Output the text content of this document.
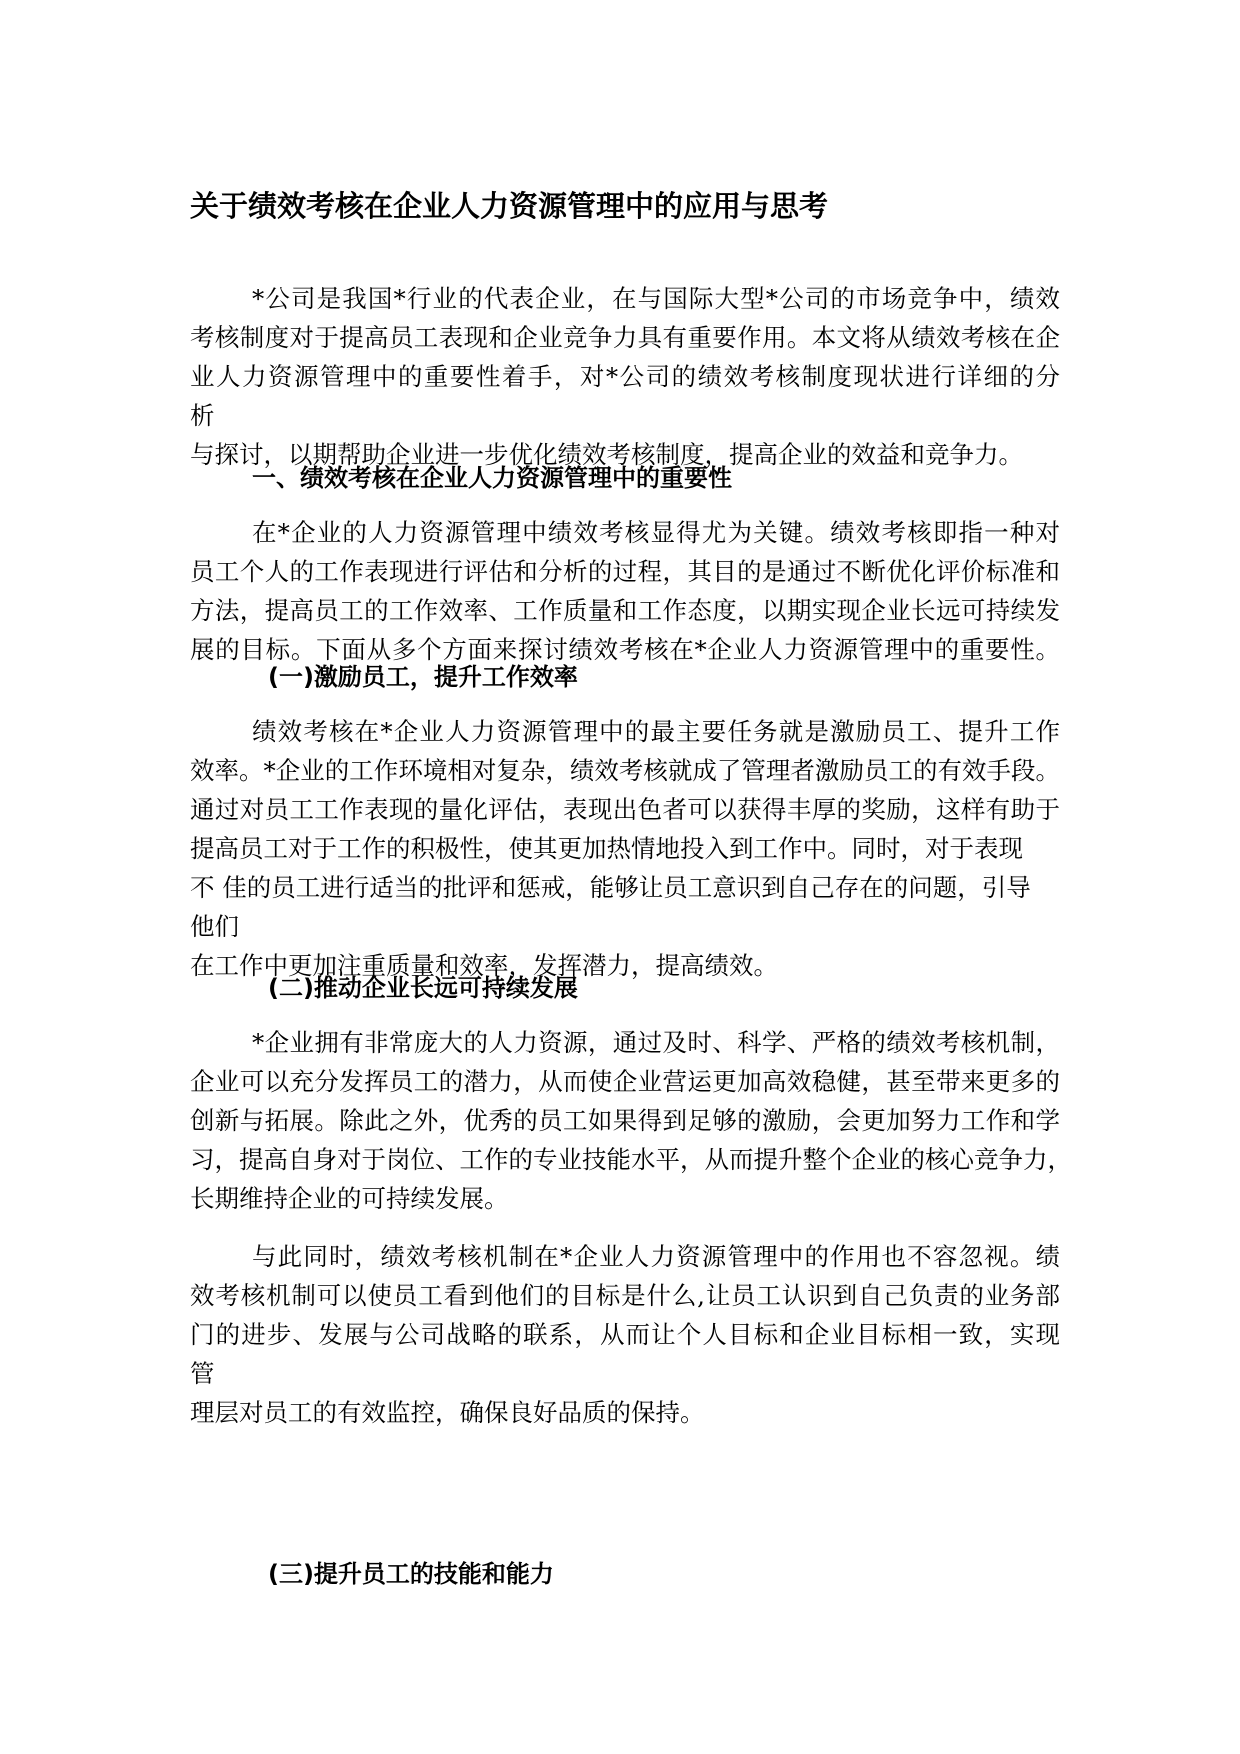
关于绩效考核在企业人力资源管理中的应用与思考
*公司是我国*行业的代表企业，在与国际大型*公司的市场竞争中，绩效
考核制度对于提高员工表现和企业竞争力具有重要作用。本文将从绩效考核在企
业人力资源管理中的重要性着手，对*公司的绩效考核制度现状进行详细的分
析
与探讨，以期帮助企业进一步优化绩效考核制度，提高企业的效益和竞争力。
一、绩效考核在企业人力资源管理中的重要性
在*企业的人力资源管理中绩效考核显得尤为关键。绩效考核即指一种对
员工个人的工作表现进行评估和分析的过程，其目的是通过不断优化评价标准和
方法，提高员工的工作效率、工作质量和工作态度，以期实现企业长远可持续发
展的目标。下面从多个方面来探讨绩效考核在*企业人力资源管理中的重要性。
(一)激励员工，提升工作效率
绩效考核在*企业人力资源管理中的最主要任务就是激励员工、提升工作
效率。*企业的工作环境相对复杂，绩效考核就成了管理者激励员工的有效手段。
通过对员工工作表现的量化评估，表现出色者可以获得丰厚的奖励，这样有助于
提高员工对于工作的积极性，使其更加热情地投入到工作中。同时，对于表现
不 佳的员工进行适当的批评和惩戒，能够让员工意识到自己存在的问题，引导
他们
在工作中更加注重质量和效率，发挥潜力，提高绩效。
(二)推动企业长远可持续发展
*企业拥有非常庞大的人力资源，通过及时、科学、严格的绩效考核机制，
企业可以充分发挥员工的潜力，从而使企业营运更加高效稳健，甚至带来更多的
创新与拓展。除此之外，优秀的员工如果得到足够的激励，会更加努力工作和学
习，提高自身对于岗位、工作的专业技能水平，从而提升整个企业的核心竞争力，
长期维持企业的可持续发展。
与此同时，绩效考核机制在*企业人力资源管理中的作用也不容忽视。绩
效考核机制可以使员工看到他们的目标是什么,让员工认识到自己负责的业务部
门的进步、发展与公司战略的联系，从而让个人目标和企业目标相一致，实现
管
理层对员工的有效监控，确保良好品质的保持。
(三)提升员工的技能和能力
